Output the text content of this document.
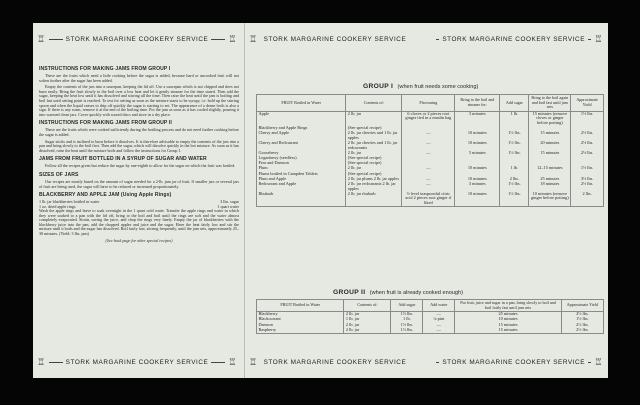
♖	STORK MARGARINE COOKERY SERVICE ♖ ♖ STORK MARGARINE COOKERY SERVICE	STORK MARGARINE COOKERY SERVICE ♖
INSTRUCTIONS FOR MAKING JAMS FROM GROUP I

These are the fruits which need a little cooking before the sugar is added, because hard or uncooked fruit will not soften further after the sugar has been added.

Empty the contents of the jars into a saucepan, keeping the lid off. Use a saucepan which is not chipped and does not burn easily. Bring the fruit slowly to the boil over a low heat and let it gently simmer for the time stated. Then add the sugar, keeping the heat low until it has dissolved and stirring all the time. Then raise the heat until the jam is boiling and boil fast until setting point is reached. To test for setting as soon as the mixture starts to be syrupy, i.e. hold up the stirring spoon and when the liquid ceases to drip off quickly the sugar is starting to set. The appearance of a dense froth is also a sign. If there is any scum, remove it at the end of the boiling time. Pot the jam as soon as it has cooled slightly, pouring it into warmed clean jars. Cover quickly with waxed discs and store in a dry place.

INSTRUCTIONS FOR MAKING JAMS FROM GROUP II

These are the fruits which were cooked sufficiently during the bottling process and do not need further cooking before the sugar is added.

Sugar sticks and is inclined to burn before it dissolves. It is therefore advisable to empty the contents of the jars into a pan and bring slowly to the boil first. Then add the sugar, which will dissolve quickly in the hot mixture. As soon as it has dissolved, raise the heat until the mixture boils and follow the instructions for Group I.

JAMS FROM FRUIT BOTTLED IN A SYRUP OF SUGAR AND WATER

Follow all the recipes given but reduce the sugar by one-eighth to allow for the sugar on which the fruit was bottled.

SIZES OF JARS

Our recipes are mostly based on the amount of sugar needed for a 2-lb. jam jar of fruit. If smaller jars or several jars of fruit are being used, the sugar will have to be reduced or increased proportionately.

BLACKBERRY AND APPLE JAM (Using Apple Rings)

1 lb. jar blackberries bottled in water	3 lbs. sugar

1 oz. dried apple rings	1 quart water

Wash the apple rings and leave to soak overnight in the 1 quart cold water. Transfer the apple rings and water in which they were soaked to a pan with the lid off, bring to the boil and boil until the rings are soft and the water almost completely evaporated. Strain, saving the juice, and chop the rings very finely. Empty the jar of blackberries with the blackberry juice into the pan, add the chopped apples and juice and the sugar. Have the heat fairly low and stir the mixture until it boils and the sugar has dissolved. Boil fairly fast, stirring frequently, until the jam sets, approximately 25–30 minutes. (Yield: 3 lbs. jam)

(See back page for other special recipes)

GROUP I (when fruit needs some cooking)
FRUIT Bottled in Water	Contents of:	Flavouring	Bring to the boil and simmer for:	Add sugar	Bring to the boil again and boil fast until jam sets	Approximate Yield
Apple	2 lb. jar	6 cloves or 2 pieces root ginger tied in a muslin bag	3 minutes	1 lb.	15 minutes (remove cloves or ginger before potting)	1½ lbs.
Blackberry and Apple Rings	(See special recipe)					
Cherry and Apple	2 lb. jar cherries and 1 lb. jar apples	—	10 minutes	1½ lbs.	15 minutes	2½ lbs.
Cherry and Redcurrant	2 lb. jar cherries and 1 lb. jar redcurrants	—	10 minutes	1½ lbs.	20 minutes	2½ lbs.
Gooseberry	2 lb. jar	—	5 minutes	1½ lbs.	15 minutes	2½ lbs.
Loganberry (seedless)	(See special recipe)					
Pear and Damson	(See special recipe)					
Plum	2 lb. jar	—	10 minutes	1 lb.	12–15 minutes	1½ lbs.
Plums bottled in Campden Tablets	(See special recipe)					
Plum and Apple	2 lb. jar plums 2 lb. jar apples	—	10 minutes	2 lbs.	25 minutes	3½ lbs.
Redcurrant and Apple	2 lb. jar redcurrants 2 lb. jar apples	—	3 minutes	1½ lbs.	18 minutes	2½ lbs.
Rhubarb	2 lb. jar rhubarb	½ level teaspoonful citric acid 2 pieces root ginger if liked	10 minutes	1½ lbs.	10 minutes (remove ginger before potting)	2 lbs.
GROUP II (when fruit is already cooked enough)
FRUIT Bottled in Water	Contents of:	Add sugar	Add water	Put fruit, juice and sugar in a pan, bring slowly to boil and boil fairly fast until jam sets	Approximate Yield
Blackberry	2 lb. jar	1½ lbs.	—	25 minutes	2½ lbs.
Blackcurrant	1 lb. jar	1 lb.	¼ pint	10 minutes	1½ lbs.
Damson	2 lb. jar	1½ lbs.	—	15 minutes	2½ lbs.
Raspberry	2 lb. jar	1½ lbs.	—	15 minutes	2½ lbs.
♖	STORK MARGARINE COOKERY SERVICE ♖ ♖ STORK MARGARINE COOKERY SERVICE	STORK MARGARINE COOKERY SERVICE ♖
